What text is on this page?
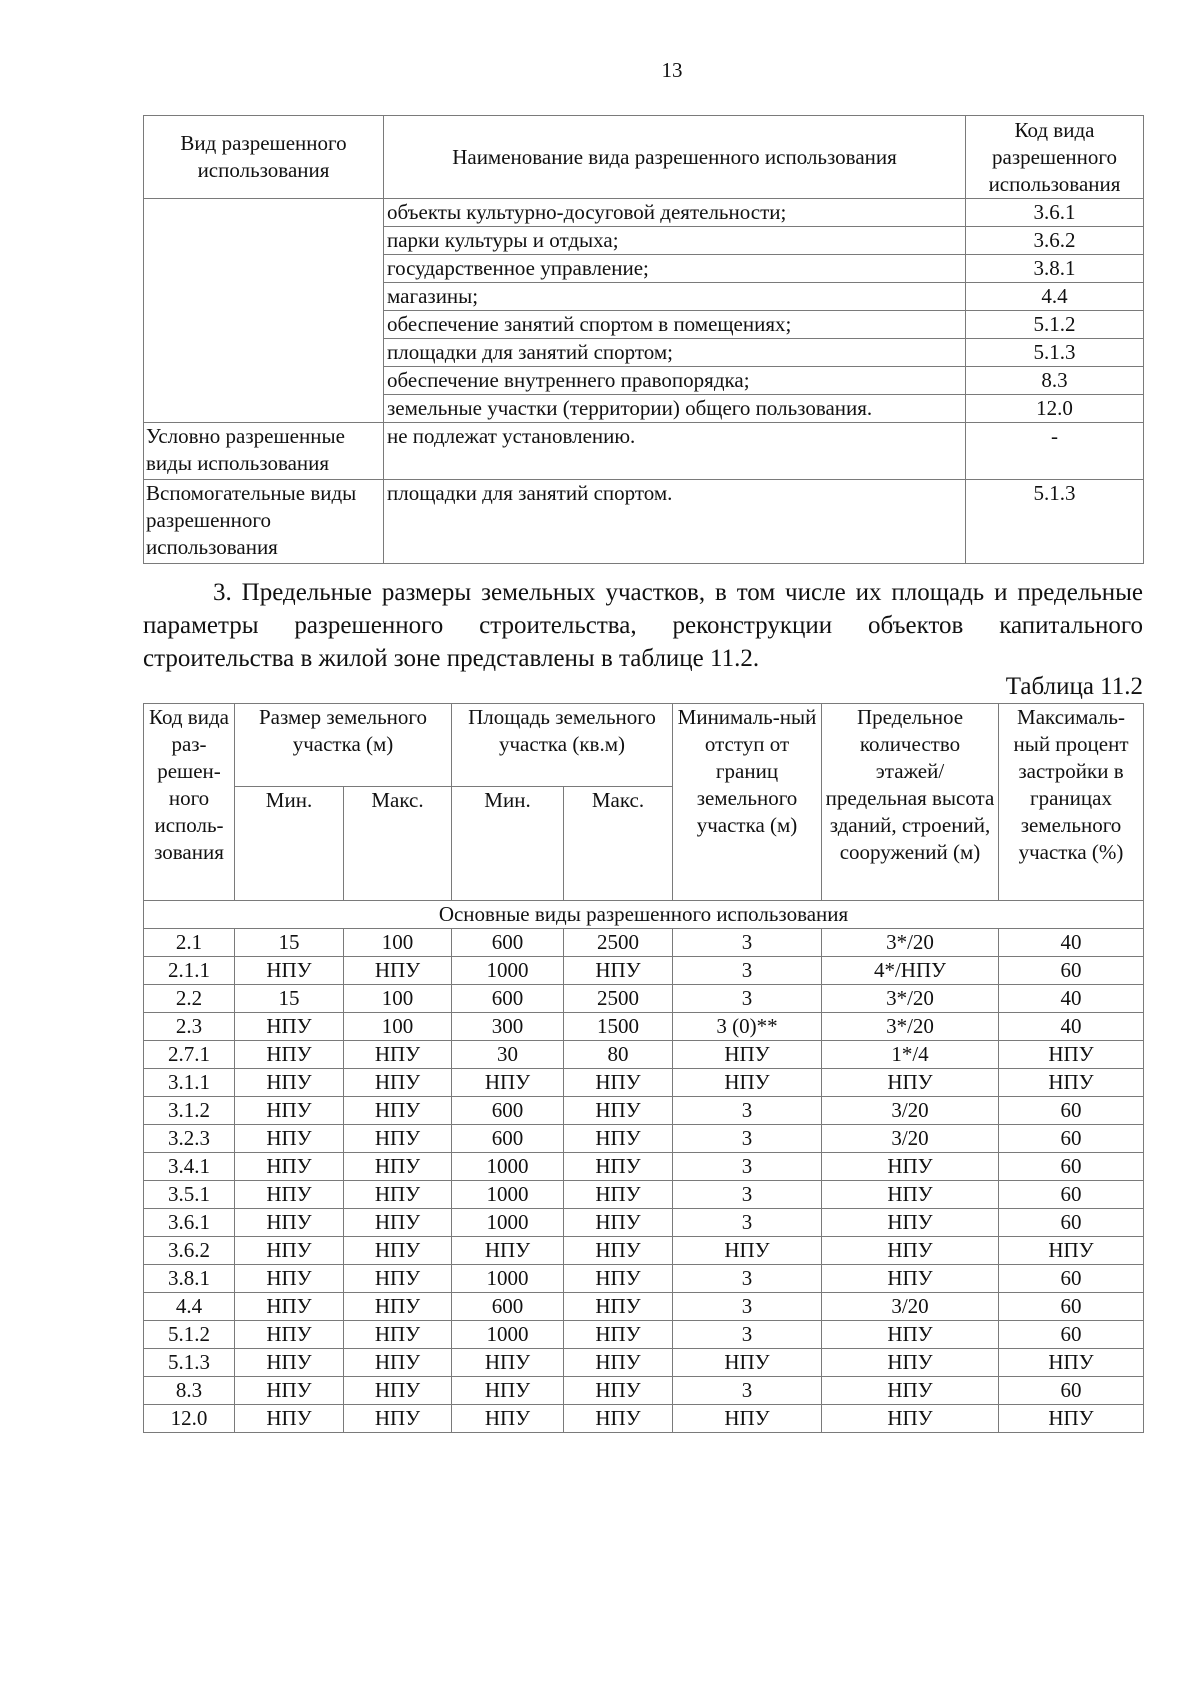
13
Вид разрешенного использования	Наименование вида разрешенного использования	Код вида разрешенного использования
	объекты культурно-досуговой деятельности;	3.6.1
	парки культуры и отдыха;	3.6.2
	государственное управление;	3.8.1
	магазины;	4.4
	обеспечение занятий спортом в помещениях;	5.1.2
	площадки для занятий спортом;	5.1.3
	обеспечение внутреннего правопорядка;	8.3
	земельные участки (территории) общего пользования.	12.0
Условно разрешенные виды использования	не подлежат установлению.	-
Вспомогательные виды разрешенного использования	площадки для занятий спортом.	5.1.3
3. Предельные размеры земельных участков, в том числе их площадь и предельные параметры разрешенного строительства, реконструкции объектов капитального строительства в жилой зоне представлены в таблице 11.2.
Таблица 11.2
Код вида раз-решен-ного исполь-зования	Размер земельного участка (м)		Площадь земельного участка (кв.м)		Минималь-ный отступ от границ земельного участка (м)	Предельное количество этажей/ предельная высота зданий, строений, сооружений (м)	Максималь-ный процент застройки в границах земельного участка (%)
	Мин.	Макс.	Мин.	Макс.			
Основные виды разрешенного использования							
2.1	15	100	600	2500	3	3*/20	40
2.1.1	НПУ	НПУ	1000	НПУ	3	4*/НПУ	60
2.2	15	100	600	2500	3	3*/20	40
2.3	НПУ	100	300	1500	3 (0)**	3*/20	40
2.7.1	НПУ	НПУ	30	80	НПУ	1*/4	НПУ
3.1.1	НПУ	НПУ	НПУ	НПУ	НПУ	НПУ	НПУ
3.1.2	НПУ	НПУ	600	НПУ	3	3/20	60
3.2.3	НПУ	НПУ	600	НПУ	3	3/20	60
3.4.1	НПУ	НПУ	1000	НПУ	3	НПУ	60
3.5.1	НПУ	НПУ	1000	НПУ	3	НПУ	60
3.6.1	НПУ	НПУ	1000	НПУ	3	НПУ	60
3.6.2	НПУ	НПУ	НПУ	НПУ	НПУ	НПУ	НПУ
3.8.1	НПУ	НПУ	1000	НПУ	3	НПУ	60
4.4	НПУ	НПУ	600	НПУ	3	3/20	60
5.1.2	НПУ	НПУ	1000	НПУ	3	НПУ	60
5.1.3	НПУ	НПУ	НПУ	НПУ	НПУ	НПУ	НПУ
8.3	НПУ	НПУ	НПУ	НПУ	3	НПУ	60
12.0	НПУ	НПУ	НПУ	НПУ	НПУ	НПУ	НПУ
